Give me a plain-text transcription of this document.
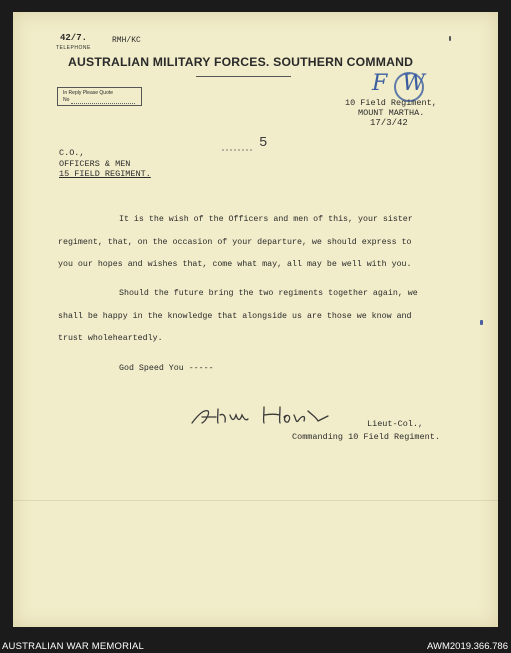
42/7.	RMH/KC
TELEPHONE
AUSTRALIAN MILITARY FORCES. SOUTHERN COMMAND
F W
In Reply Please Quote
No	10 Field Regiment,
MOUNT MARTHA.
17/3/42
5
C.O.,
OFFICERS & MEN
15 FIELD REGIMENT.
It is the wish of the Officers and men of this, your sister
regiment, that, on the occasion of your departure, we should express to
you our hopes and wishes that, come what may, all may be well with you.
Should the future bring the two regiments together again, we
shall be happy in the knowledge that alongside us are those we know and
trust wholeheartedly.
God Speed You -----
Lieut-Col.,
Commanding 10 Field Regiment.
AUSTRALIAN WAR MEMORIAL	AWM2019.366.786
